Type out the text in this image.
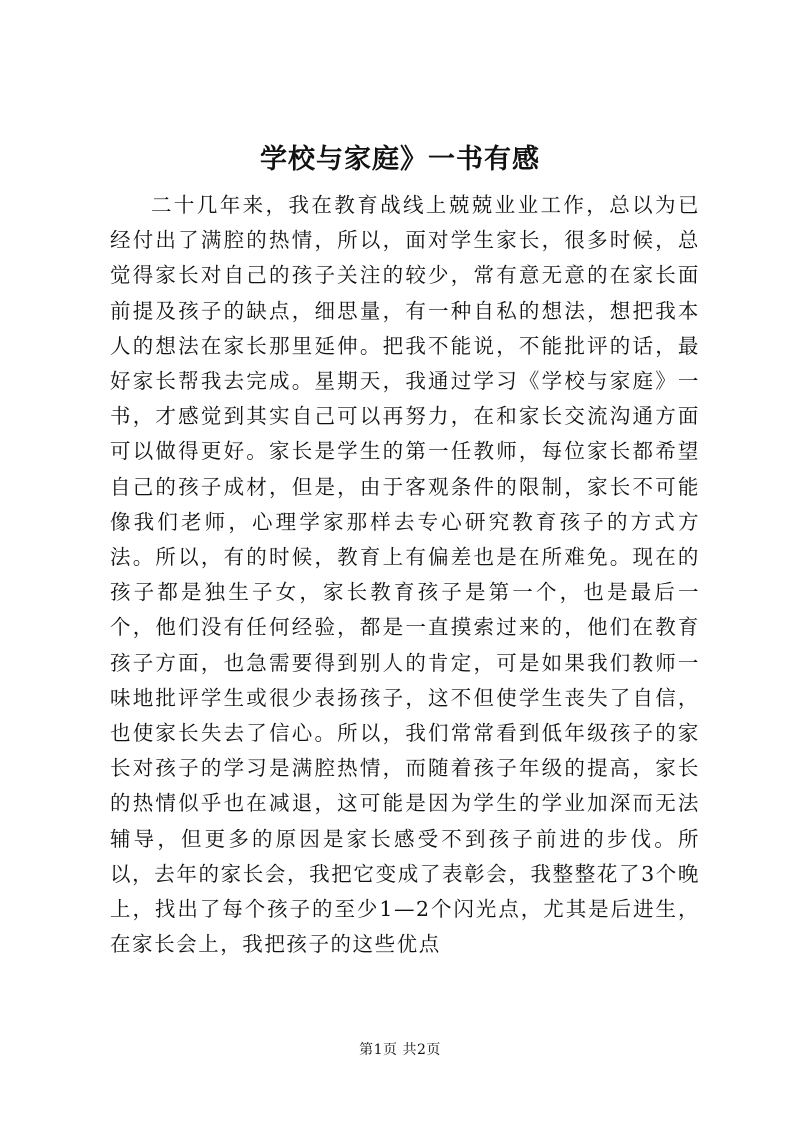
学校与家庭》一书有感

二十几年来，我在教育战线上兢兢业业工作，总以为已经付出了满腔的热情，所以，面对学生家长，很多时候，总觉得家长对自己的孩子关注的较少，常有意无意的在家长面前提及孩子的缺点，细思量，有一种自私的想法，想把我本人的想法在家长那里延伸。把我不能说，不能批评的话，最好家长帮我去完成。星期天，我通过学习《学校与家庭》一书，才感觉到其实自己可以再努力，在和家长交流沟通方面可以做得更好。家长是学生的第一任教师，每位家长都希望自己的孩子成材，但是，由于客观条件的限制，家长不可能像我们老师，心理学家那样去专心研究教育孩子的方式方法。所以，有的时候，教育上有偏差也是在所难免。现在的孩子都是独生子女，家长教育孩子是第一个，也是最后一个，他们没有任何经验，都是一直摸索过来的，他们在教育孩子方面，也急需要得到别人的肯定，可是如果我们教师一味地批评学生或很少表扬孩子，这不但使学生丧失了自信，也使家长失去了信心。所以，我们常常看到低年级孩子的家长对孩子的学习是满腔热情，而随着孩子年级的提高，家长的热情似乎也在减退，这可能是因为学生的学业加深而无法辅导，但更多的原因是家长感受不到孩子前进的步伐。所以，去年的家长会，我把它变成了表彰会，我整整花了3个晚上，找出了每个孩子的至少1—2个闪光点，尤其是后进生，在家长会上，我把孩子的这些优点

第1页 共2页
